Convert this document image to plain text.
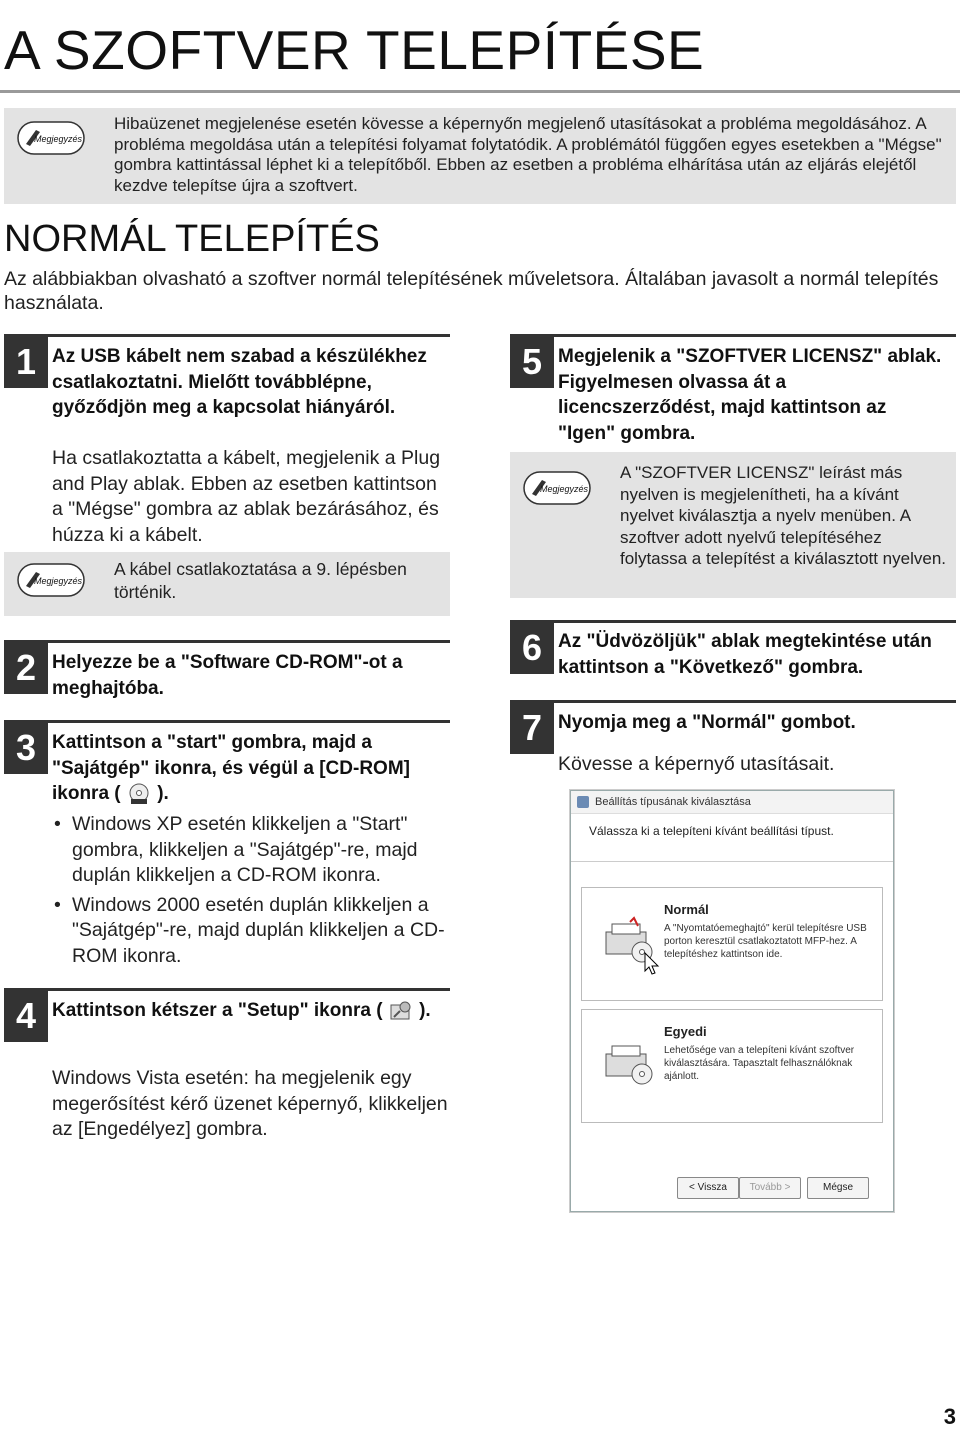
A SZOFTVER TELEPÍTÉSE
Megjegyzés
Hibaüzenet megjelenése esetén kövesse a képernyőn megjelenő utasításokat a probléma megoldásához. A probléma megoldása után a telepítési folyamat folytatódik. A problémától függően egyes esetekben a "Mégse" gombra kattintással léphet ki a telepítőből. Ebben az esetben a probléma elhárítása után az eljárás elejétől kezdve telepítse újra a szoftvert.
NORMÁL TELEPÍTÉS
Az alábbiakban olvasható a szoftver normál telepítésének műveletsora. Általában javasolt a normál telepítés használata.
1 Az USB kábelt nem szabad a készülékhez csatlakoztatni. Mielőtt továbblépne, győződjön meg a kapcsolat hiányáról.
Ha csatlakoztatta a kábelt, megjelenik a Plug and Play ablak. Ebben az esetben kattintson a "Mégse" gombra az ablak bezárásához, és húzza ki a kábelt.
Megjegyzés
A kábel csatlakoztatása a 9. lépésben történik.
2 Helyezze be a "Software CD-ROM"-ot a meghajtóba.
3 Kattintson a "start" gombra, majd a "Sajátgép" ikonra, és végül a [CD-ROM] ikonra ( ).
• Windows XP esetén klikkeljen a "Start" gombra, klikkeljen a "Sajátgép"-re, majd duplán klikkeljen a CD-ROM ikonra.
• Windows 2000 esetén duplán klikkeljen a "Sajátgép"-re, majd duplán klikkeljen a CD-ROM ikonra.
4 Kattintson kétszer a "Setup" ikonra ( ).
Windows Vista esetén: ha megjelenik egy megerősítést kérő üzenet képernyő, klikkeljen az [Engedélyez] gombra.
5 Megjelenik a "SZOFTVER LICENSZ" ablak. Figyelmesen olvassa át a licencszerződést, majd kattintson az "Igen" gombra.
Megjegyzés
A "SZOFTVER LICENSZ" leírást más nyelven is megjelenítheti, ha a kívánt nyelvet kiválasztja a nyelv menüben. A szoftver adott nyelvű telepítéséhez folytassa a telepítést a kiválasztott nyelven.
6 Az "Üdvözöljük" ablak megtekintése után kattintson a "Következő" gombra.
7 Nyomja meg a "Normál" gombot.
Kövesse a képernyő utasításait.
Beállítás típusának kiválasztása
Válassza ki a telepíteni kívánt beállítási típust.
Normál
A "Nyomtatóemeghajtó" kerül telepítésre USB porton keresztül csatlakoztatott MFP-hez. A telepítéshez kattintson ide.
Egyedi
Lehetősége van a telepíteni kívánt szoftver kiválasztására. Tapasztalt felhasználóknak ajánlott.
< Vissza	Tovább >	Mégse
3
